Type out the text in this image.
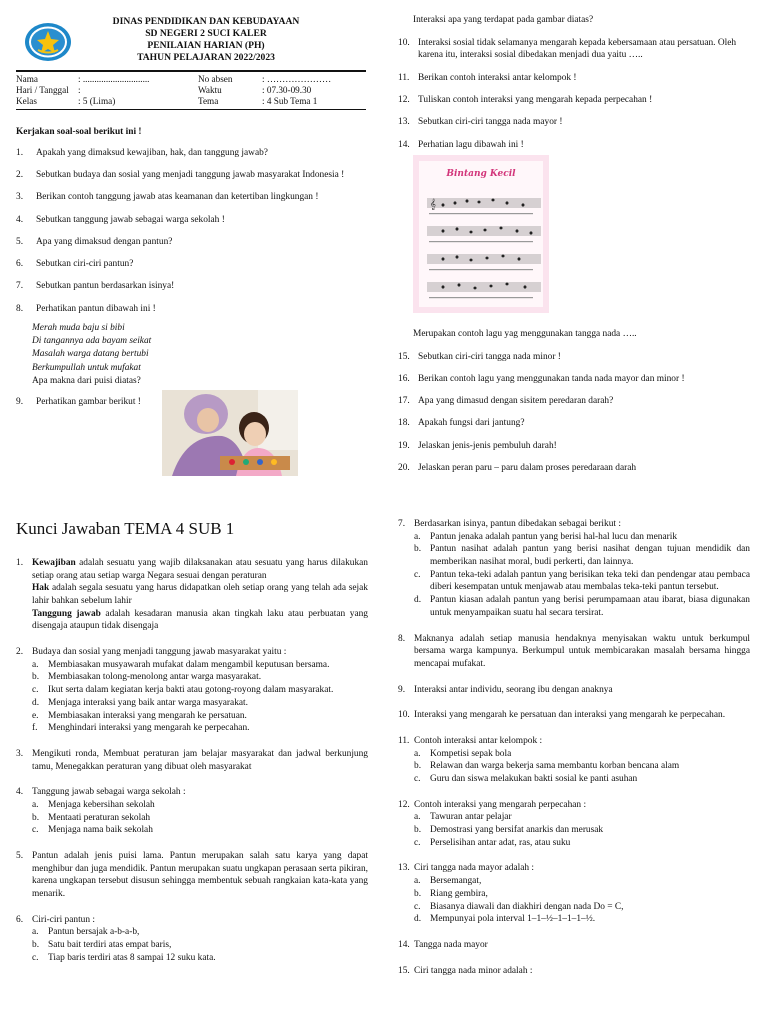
DINAS PENDIDIKAN DAN KEBUDAYAAN
SD NEGERI 2 SUCI KALER
PENILAIAN HARIAN (PH)
TAHUN PELAJARAN 2022/2023
Nama	: .............................	No absen	: …………………
Hari / Tanggal	:	Waktu	: 07.30-09.30
Kelas	: 5 (Lima)	Tema	: 4 Sub Tema 1
Kerjakan soal-soal berikut ini !
1. Apakah yang dimaksud kewajiban, hak, dan tanggung jawab?
2. Sebutkan budaya dan sosial yang menjadi tanggung jawab masyarakat Indonesia !
3. Berikan contoh tanggung jawab atas keamanan dan ketertiban lingkungan !
4. Sebutkan tanggung jawab sebagai warga sekolah !
5. Apa yang dimaksud dengan pantun?
6. Sebutkan ciri-ciri pantun?
7. Sebutkan pantun berdasarkan isinya!
8. Perhatikan pantun dibawah ini !
Merah muda baju si bibi
Di tangannya ada bayam seikat
Masalah warga datang bertubi
Berkumpullah untuk mufakat
Apa makna dari puisi diatas?
9. Perhatikan gambar berikut !
Interaksi apa yang terdapat pada gambar diatas?
10. Interaksi sosial tidak selamanya mengarah kepada kebersamaan atau persatuan. Oleh karena itu, interaksi sosial dibedakan menjadi dua yaitu …..
11. Berikan contoh interaksi antar kelompok !
12. Tuliskan contoh interaksi yang mengarah kepada perpecahan !
13. Sebutkan ciri-ciri tangga nada mayor !
14. Perhatian lagu dibawah ini !
Bintang Kecil
𝄞
Merupakan contoh lagu yag menggunakan tangga nada …..
15. Sebutkan ciri-ciri tangga nada minor !
16. Berikan contoh lagu yang menggunakan tanda nada mayor dan minor !
17. Apa yang dimasud dengan sisitem peredaran darah?
18. Apakah fungsi dari jantung?
19. Jelaskan jenis-jenis pembuluh darah!
20. Jelaskan peran paru – paru dalam proses peredaraan darah
Kunci Jawaban TEMA 4 SUB 1
1. Kewajiban adalah sesuatu yang wajib dilaksanakan atau sesuatu yang harus dilakukan setiap orang atau setiap warga Negara sesuai dengan peraturan
Hak adalah segala sesuatu yang harus didapatkan oleh setiap orang yang telah ada sejak lahir bahkan sebelum lahir
Tanggung jawab adalah kesadaran manusia akan tingkah laku atau perbuatan yang disengaja ataupun tidak disengaja
2. Budaya dan sosial yang menjadi tanggung jawab masyarakat yaitu :
a. Membiasakan musyawarah mufakat dalam mengambil keputusan bersama.
b. Membiasakan tolong-menolong antar warga masyarakat.
c. Ikut serta dalam kegiatan kerja bakti atau gotong-royong dalam masyarakat.
d. Menjaga interaksi yang baik antar warga masyarakat.
e. Membiasakan interaksi yang mengarah ke persatuan.
f. Menghindari interaksi yang mengarah ke perpecahan.
3. Mengikuti ronda, Membuat peraturan jam belajar masyarakat dan jadwal berkunjung tamu, Menegakkan peraturan yang dibuat oleh masyarakat
4. Tanggung jawab sebagai warga sekolah :
a. Menjaga kebersihan sekolah
b. Mentaati peraturan sekolah
c. Menjaga nama baik sekolah
5. Pantun adalah jenis puisi lama. Pantun merupakan salah satu karya yang dapat menghibur dan juga mendidik. Pantun merupakan suatu ungkapan perasaan serta pikiran, karena ungkapan tersebut disusun sehingga membentuk sebuah rangkaian kata-kata yang menarik.
6. Ciri-ciri pantun :
a. Pantun bersajak a-b-a-b,
b. Satu bait terdiri atas empat baris,
c. Tiap baris terdiri atas 8 sampai 12 suku kata.
7. Berdasarkan isinya, pantun dibedakan sebagai berikut :
a. Pantun jenaka adalah pantun yang berisi hal-hal lucu dan menarik
b. Pantun nasihat adalah pantun yang berisi nasihat dengan tujuan mendidik dan memberikan nasihat moral, budi perkerti, dan lainnya.
c. Pantun teka-teki adalah pantun yang berisikan teka teki dan pendengar atau pembaca diberi kesempatan untuk menjawab atau membalas teka-teki pantun tersebut.
d. Pantun kiasan adalah pantun yang berisi perumpamaan atau ibarat, biasa digunakan untuk menyampaikan suatu hal secara tersirat.
8. Maknanya adalah setiap manusia hendaknya menyisakan waktu untuk berkumpul bersama warga kampunya. Berkumpul untuk membicarakan masalah bersama hingga mencapai mufakat.
9. Interaksi antar individu, seorang ibu dengan anaknya
10. Interaksi yang mengarah ke persatuan dan interaksi yang mengarah ke perpecahan.
11. Contoh interaksi antar kelompok :
a. Kompetisi sepak bola
b. Relawan dan warga bekerja sama membantu korban bencana alam
c. Guru dan siswa melakukan bakti sosial ke panti asuhan
12. Contoh interaksi yang mengarah perpecahan :
a. Tawuran antar pelajar
b. Demostrasi yang bersifat anarkis dan merusak
c. Perselisihan antar adat, ras, atau suku
13. Ciri tangga nada mayor adalah :
a. Bersemangat,
b. Riang gembira,
c. Biasanya diawali dan diakhiri dengan nada Do = C,
d. Mempunyai pola interval 1–1–½–1–1–1–½.
14. Tangga nada mayor
15. Ciri tangga nada minor adalah :
